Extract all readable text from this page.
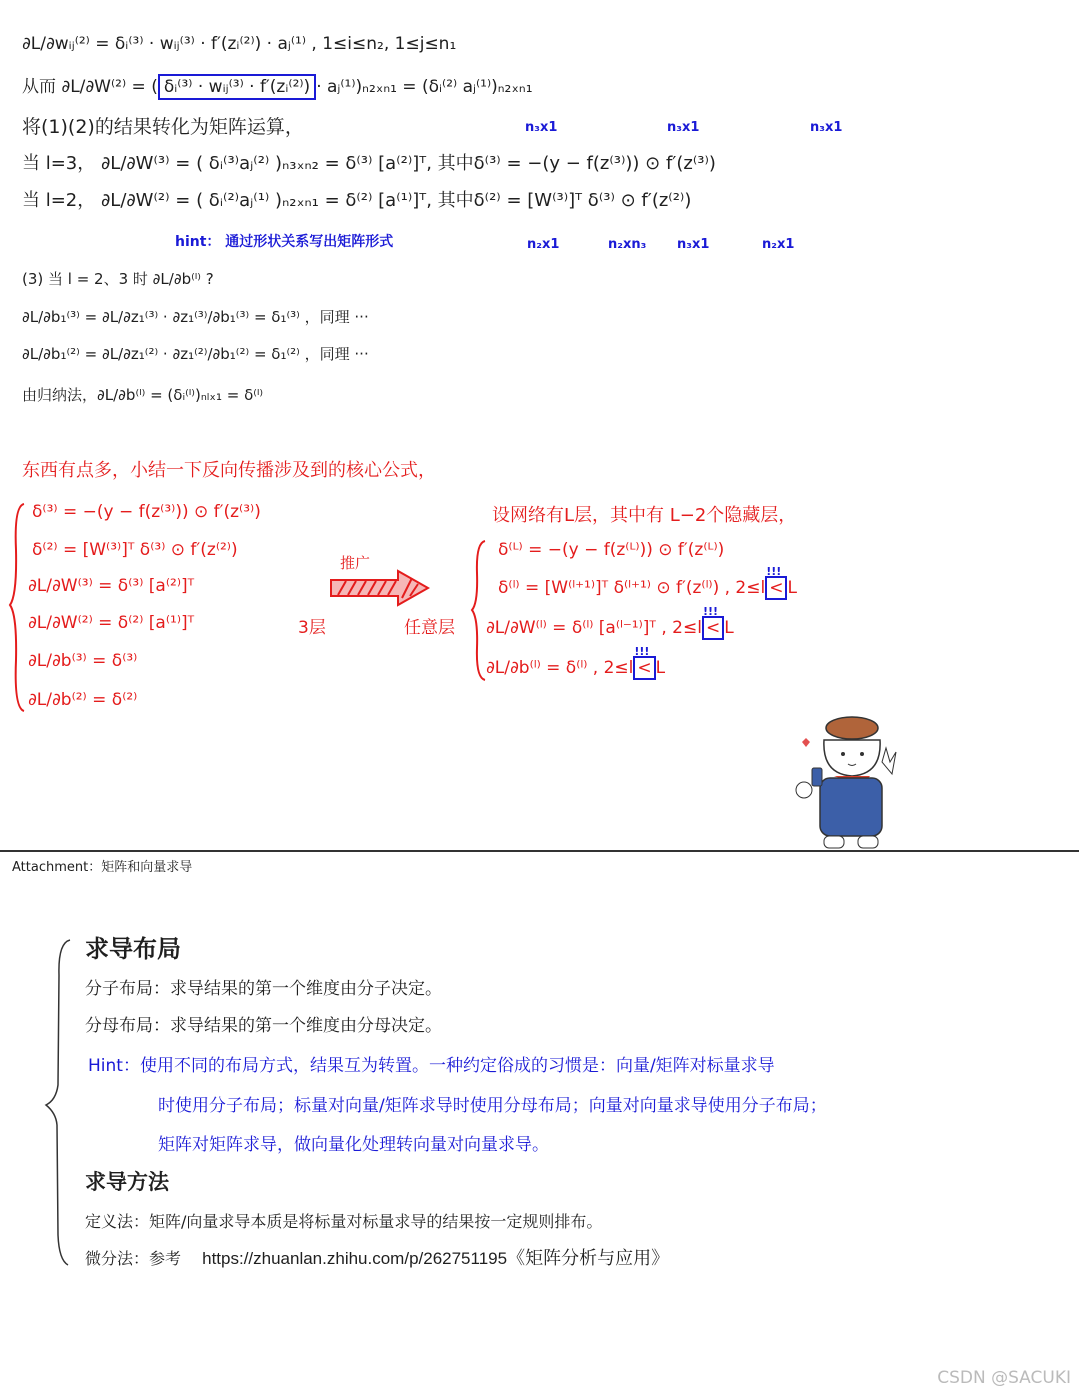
∂L/∂wᵢⱼ⁽²⁾ = δᵢ⁽³⁾ · wᵢⱼ⁽³⁾ · f′(zᵢ⁽²⁾) · aⱼ⁽¹⁾ , 1≤i≤n₂, 1≤j≤n₁
从而 ∂L/∂W⁽²⁾ = ( δᵢ⁽³⁾ · wᵢⱼ⁽³⁾ · f′(zᵢ⁽²⁾) · aⱼ⁽¹⁾)ₙ₂ₓₙ₁ = (δᵢ⁽²⁾ aⱼ⁽¹⁾)ₙ₂ₓₙ₁
将(1)(2)的结果转化为矩阵运算，	n₃x1	n₃x1	n₃x1
当 l=3， ∂L/∂W⁽³⁾ = ( δᵢ⁽³⁾aⱼ⁽²⁾ )ₙ₃ₓₙ₂ = δ⁽³⁾ [a⁽²⁾]ᵀ, 其中δ⁽³⁾ = −(y − f(z⁽³⁾)) ⊙ f′(z⁽³⁾)
当 l=2， ∂L/∂W⁽²⁾ = ( δᵢ⁽²⁾aⱼ⁽¹⁾ )ₙ₂ₓₙ₁ = δ⁽²⁾ [a⁽¹⁾]ᵀ, 其中δ⁽²⁾ = [W⁽³⁾]ᵀ δ⁽³⁾ ⊙ f′(z⁽²⁾)
hint： 通过形状关系写出矩阵形式	n₂x1	n₂xn₃ n₃x1	n₂x1
(3) 当 l = 2、3 时 ∂L/∂b⁽ˡ⁾ ?
∂L/∂b₁⁽³⁾ = ∂L/∂z₁⁽³⁾ · ∂z₁⁽³⁾/∂b₁⁽³⁾ = δ₁⁽³⁾ ，同理 ···
∂L/∂b₁⁽²⁾ = ∂L/∂z₁⁽²⁾ · ∂z₁⁽²⁾/∂b₁⁽²⁾ = δ₁⁽²⁾ ，同理 ···
由归纳法，∂L/∂b⁽ˡ⁾ = (δᵢ⁽ˡ⁾)ₙₗₓ₁ = δ⁽ˡ⁾
东西有点多，小结一下反向传播涉及到的核心公式，
δ⁽³⁾ = −(y − f(z⁽³⁾)) ⊙ f′(z⁽³⁾)
δ⁽²⁾ = [W⁽³⁾]ᵀ δ⁽³⁾ ⊙ f′(z⁽²⁾)
∂L/∂W⁽³⁾ = δ⁽³⁾ [a⁽²⁾]ᵀ
∂L/∂W⁽²⁾ = δ⁽²⁾ [a⁽¹⁾]ᵀ
∂L/∂b⁽³⁾ = δ⁽³⁾
∂L/∂b⁽²⁾ = δ⁽²⁾
推广
3层	任意层
设网络有L层，其中有 L−2个隐藏层，
δ⁽ᴸ⁾ = −(y − f(z⁽ᴸ⁾)) ⊙ f′(z⁽ᴸ⁾)
δ⁽ˡ⁾ = [W⁽ˡ⁺¹⁾]ᵀ δ⁽ˡ⁺¹⁾ ⊙ f′(z⁽ˡ⁾) , 2≤l
!!!
< L
∂L/∂W⁽ˡ⁾ = δ⁽ˡ⁾ [a⁽ˡ⁻¹⁾]ᵀ , 2≤l
!!!
< L
∂L/∂b⁽ˡ⁾ = δ⁽ˡ⁾ , 2≤l
!!!
< L
Attachment：矩阵和向量求导
求导布局
分子布局：求导结果的第一个维度由分子决定。
分母布局：求导结果的第一个维度由分母决定。
Hint：使用不同的布局方式，结果互为转置。一种约定俗成的习惯是：向量/矩阵对标量求导
时使用分子布局；标量对向量/矩阵求导时使用分母布局；向量对向量求导使用分子布局；
矩阵对矩阵求导，做向量化处理转向量对向量求导。
求导方法
定义法：矩阵/向量求导本质是将标量对标量求导的结果按一定规则排布。
微分法：参考 https://zhuanlan.zhihu.com/p/262751195《矩阵分析与应用》
CSDN @SACUKI
